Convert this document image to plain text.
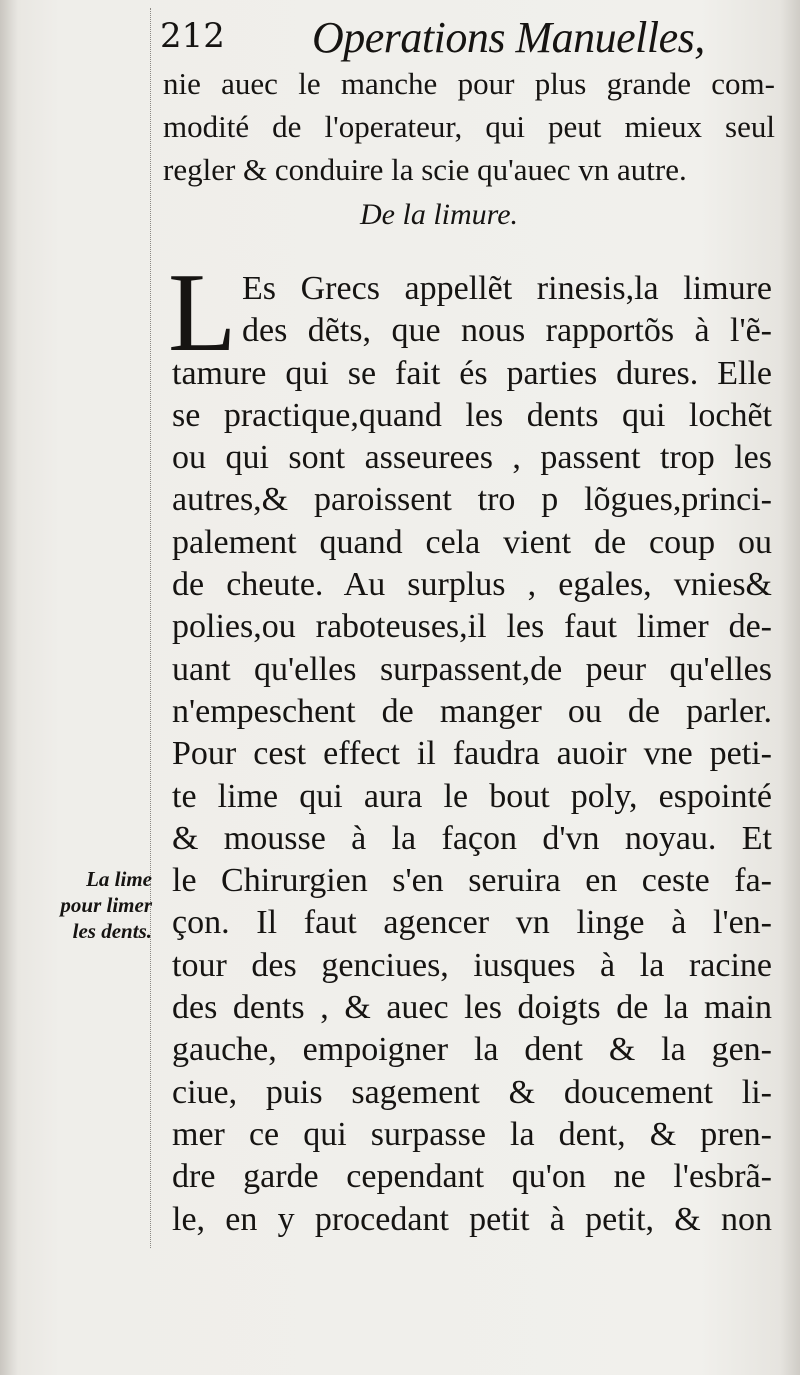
212 Operations Manuelles,
nie auec le manche pour plus grande com-
modité de l'operateur, qui peut mieux seul
regler & conduire la scie qu'auec vn autre.
De la limure.
L Es Grecs appellẽt rinesis,la limure
des dẽts, que nous rapportõs à l'ẽ-
tamure qui se fait és parties dures. Elle
se practique,quand les dents qui lochẽt
ou qui sont asseurees , passent trop les
autres,& paroissent tro p lõgues,princi-
palement quand cela vient de coup ou
de cheute. Au surplus , egales, vnies&
polies,ou raboteuses,il les faut limer de-
uant qu'elles surpassent,de peur qu'elles
n'empeschent de manger ou de parler.
Pour cest effect il faudra auoir vne peti-
te lime qui aura le bout poly, espointé
& mousse à la façon d'vn noyau. Et
le Chirurgien s'en seruira en ceste fa-
çon. Il faut agencer vn linge à l'en-
tour des genciues, iusques à la racine
des dents , & auec les doigts de la main
gauche, empoigner la dent & la gen-
ciue, puis sagement & doucement li-
mer ce qui surpasse la dent, & pren-
dre garde cependant qu'on ne l'esbrã-
le, en y procedant petit à petit, & non
La lime
pour limer
les dents.
